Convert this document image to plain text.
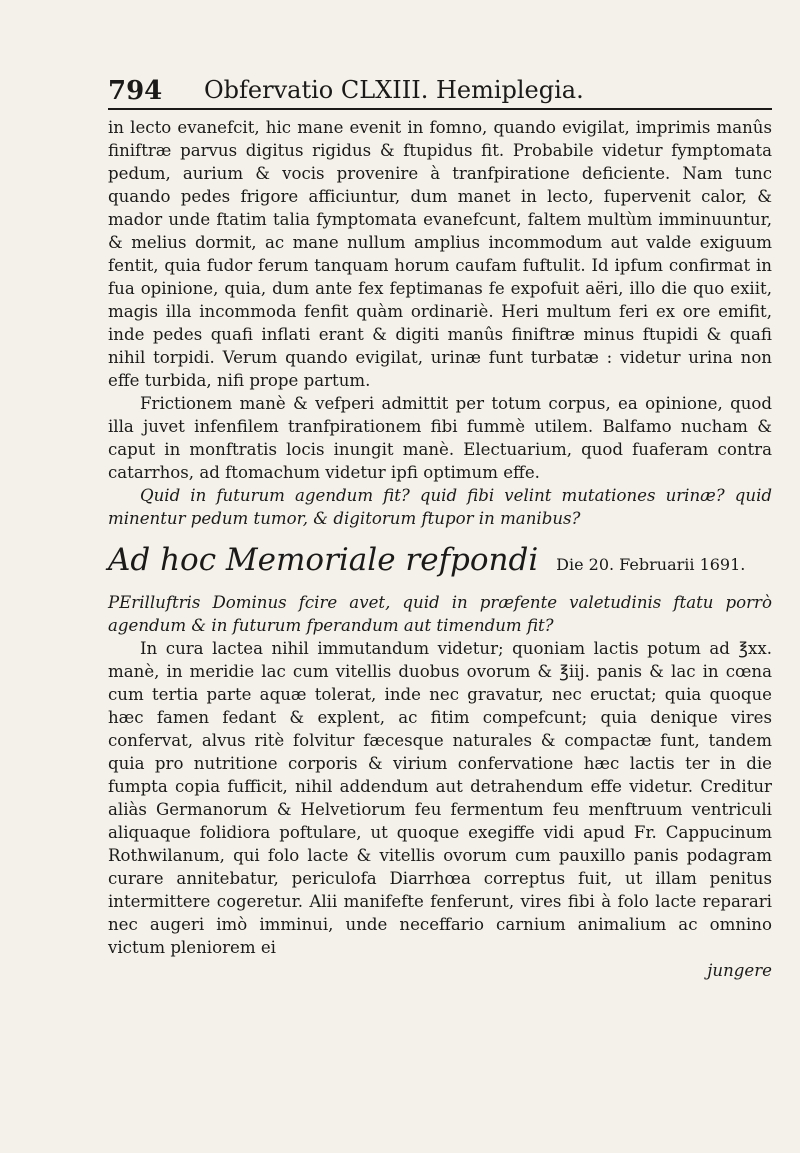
794 Obfervatio CLXIII. Hemiplegia.

in lecto evanefcit, hic mane evenit in fomno, quando evigilat, imprimis manûs finiftræ parvus digitus rigidus & ftupidus fit. Probabile videtur fymptomata pedum, aurium & vocis provenire à tranfpiratione deficiente. Nam tunc quando pedes frigore afficiuntur, dum manet in lecto, fupervenit calor, & mador unde ftatim talia fymptomata evanefcunt, faltem multùm imminuuntur, & melius dormit, ac mane nullum amplius incommodum aut valde exiguum fentit, quia fudor ferum tanquam horum caufam fuftulit. Id ipfum confirmat in fua opinione, quia, dum ante fex feptimanas fe expofuit aëri, illo die quo exiit, magis illa incommoda fenfit quàm ordinariè. Heri multum feri ex ore emifit, inde pedes quafi inflati erant & digiti manûs finiftræ minus ftupidi & quafi nihil torpidi. Verum quando evigilat, urinæ funt turbatæ : videtur urina non effe turbida, nifi prope partum.

Frictionem manè & vefperi admittit per totum corpus, ea opinione, quod illa juvet infenfilem tranfpirationem fibi fummè utilem. Balfamo nucham & caput in monftratis locis inungit manè. Electuarium, quod fuaferam contra catarrhos, ad ftomachum videtur ipfi optimum effe.

Quid in futurum agendum fit? quid fibi velint mutationes urinæ? quid minentur pedum tumor, & digitorum ftupor in manibus?

Ad hoc Memoriale refpondi Die 20. Februarii 1691.

PErilluftris Dominus fcire avet, quid in præfente valetudinis ftatu porrò agendum & in futurum fperandum aut timendum fit?

In cura lactea nihil immutandum videtur; quoniam lactis potum ad ℥xx. manè, in meridie lac cum vitellis duobus ovorum & ℥iij. panis & lac in cœna cum tertia parte aquæ tolerat, inde nec gravatur, nec eructat; quia quoque hæc famen fedant & explent, ac fitim compefcunt; quia denique vires confervat, alvus ritè folvitur fæcesque naturales & compactæ funt, tandem quia pro nutritione corporis & virium confervatione hæc lactis ter in die fumpta copia fufficit, nihil addendum aut detrahendum effe videtur. Creditur aliàs Germanorum & Helvetiorum feu fermentum feu menftruum ventriculi aliquaque folidiora poftulare, ut quoque exegiffe vidi apud Fr. Cappucinum Rothwilanum, qui folo lacte & vitellis ovorum cum pauxillo panis podagram curare annitebatur, periculofa Diarrhœa correptus fuit, ut illam penitus intermittere cogeretur. Alii manifefte fenferunt, vires fibi à folo lacte reparari nec augeri imò imminui, unde neceffario carnium animalium ac omnino victum pleniorem ei

jungere
